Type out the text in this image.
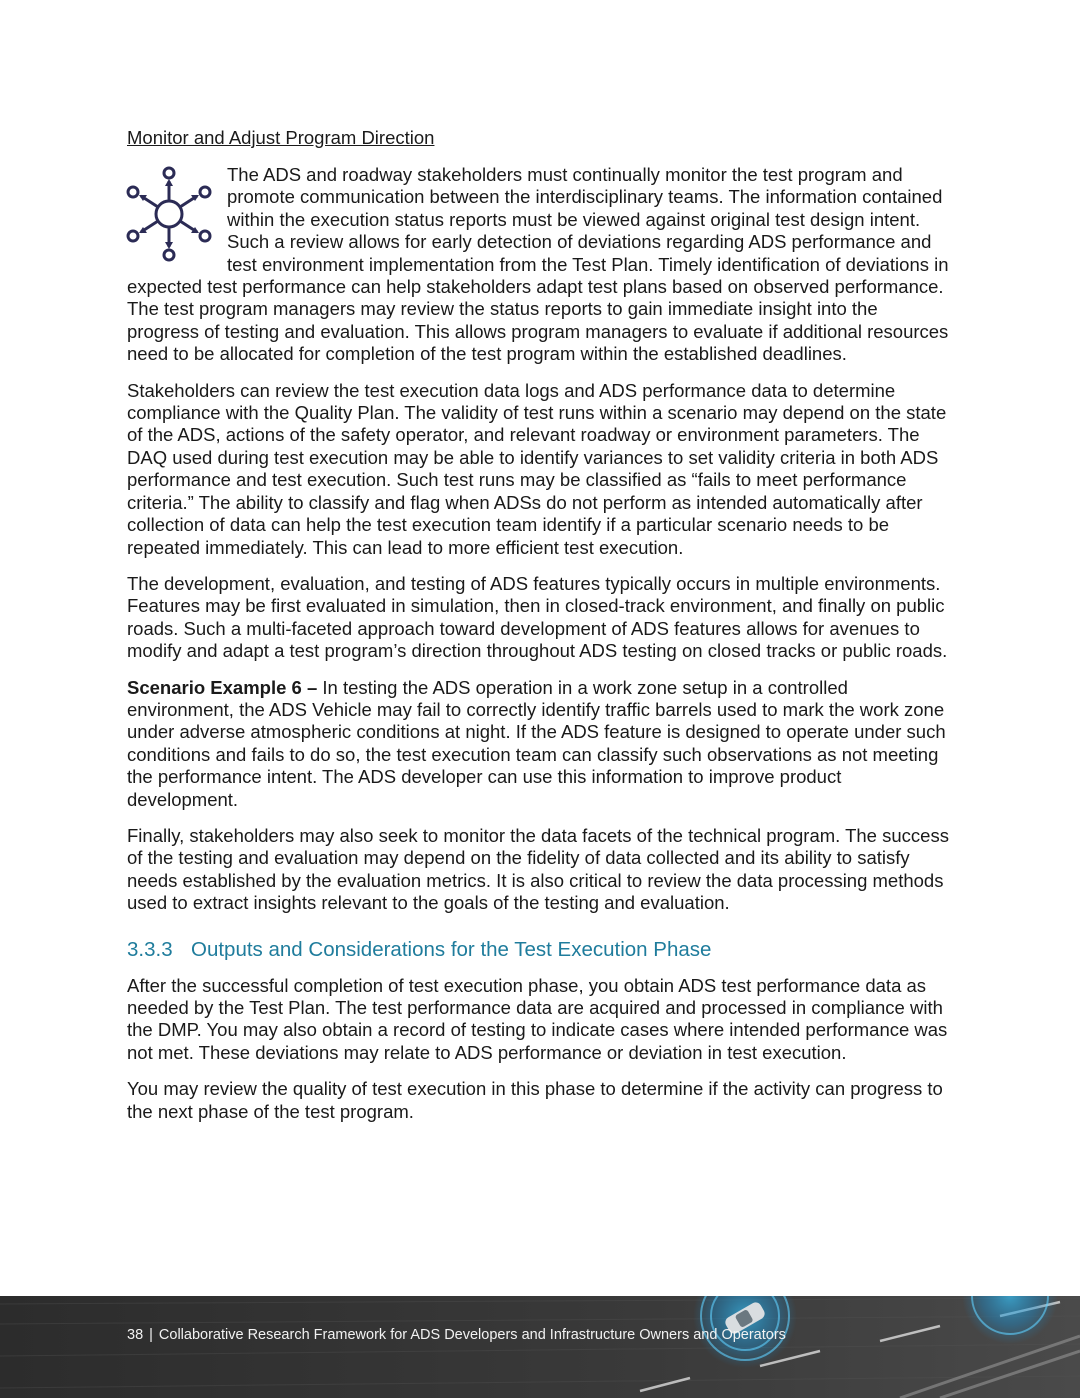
Monitor and Adjust Program Direction
The ADS and roadway stakeholders must continually monitor the test program and promote communication between the interdisciplinary teams. The information contained within the execution status reports must be viewed against original test design intent. Such a review allows for early detection of deviations regarding ADS performance and test environment implementation from the Test Plan. Timely identification of deviations in expected test performance can help stakeholders adapt test plans based on observed performance. The test program managers may review the status reports to gain immediate insight into the progress of testing and evaluation. This allows program managers to evaluate if additional resources need to be allocated for completion of the test program within the established deadlines.
Stakeholders can review the test execution data logs and ADS performance data to determine compliance with the Quality Plan. The validity of test runs within a scenario may depend on the state of the ADS, actions of the safety operator, and relevant roadway or environment parameters. The DAQ used during test execution may be able to identify variances to set validity criteria in both ADS performance and test execution. Such test runs may be classified as “fails to meet performance criteria.” The ability to classify and flag when ADSs do not perform as intended automatically after collection of data can help the test execution team identify if a particular scenario needs to be repeated immediately. This can lead to more efficient test execution.
The development, evaluation, and testing of ADS features typically occurs in multiple environments. Features may be first evaluated in simulation, then in closed-track environment, and finally on public roads. Such a multi-faceted approach toward development of ADS features allows for avenues to modify and adapt a test program’s direction throughout ADS testing on closed tracks or public roads.
Scenario Example 6 – In testing the ADS operation in a work zone setup in a controlled environment, the ADS Vehicle may fail to correctly identify traffic barrels used to mark the work zone under adverse atmospheric conditions at night. If the ADS feature is designed to operate under such conditions and fails to do so, the test execution team can classify such observations as not meeting the performance intent. The ADS developer can use this information to improve product development.
Finally, stakeholders may also seek to monitor the data facets of the technical program. The success of the testing and evaluation may depend on the fidelity of data collected and its ability to satisfy needs established by the evaluation metrics. It is also critical to review the data processing methods used to extract insights relevant to the goals of the testing and evaluation.
3.3.3 Outputs and Considerations for the Test Execution Phase
After the successful completion of test execution phase, you obtain ADS test performance data as needed by the Test Plan. The test performance data are acquired and processed in compliance with the DMP. You may also obtain a record of testing to indicate cases where intended performance was not met. These deviations may relate to ADS performance or deviation in test execution.
You may review the quality of test execution in this phase to determine if the activity can progress to the next phase of the test program.
38 | Collaborative Research Framework for ADS Developers and Infrastructure Owners and Operators
